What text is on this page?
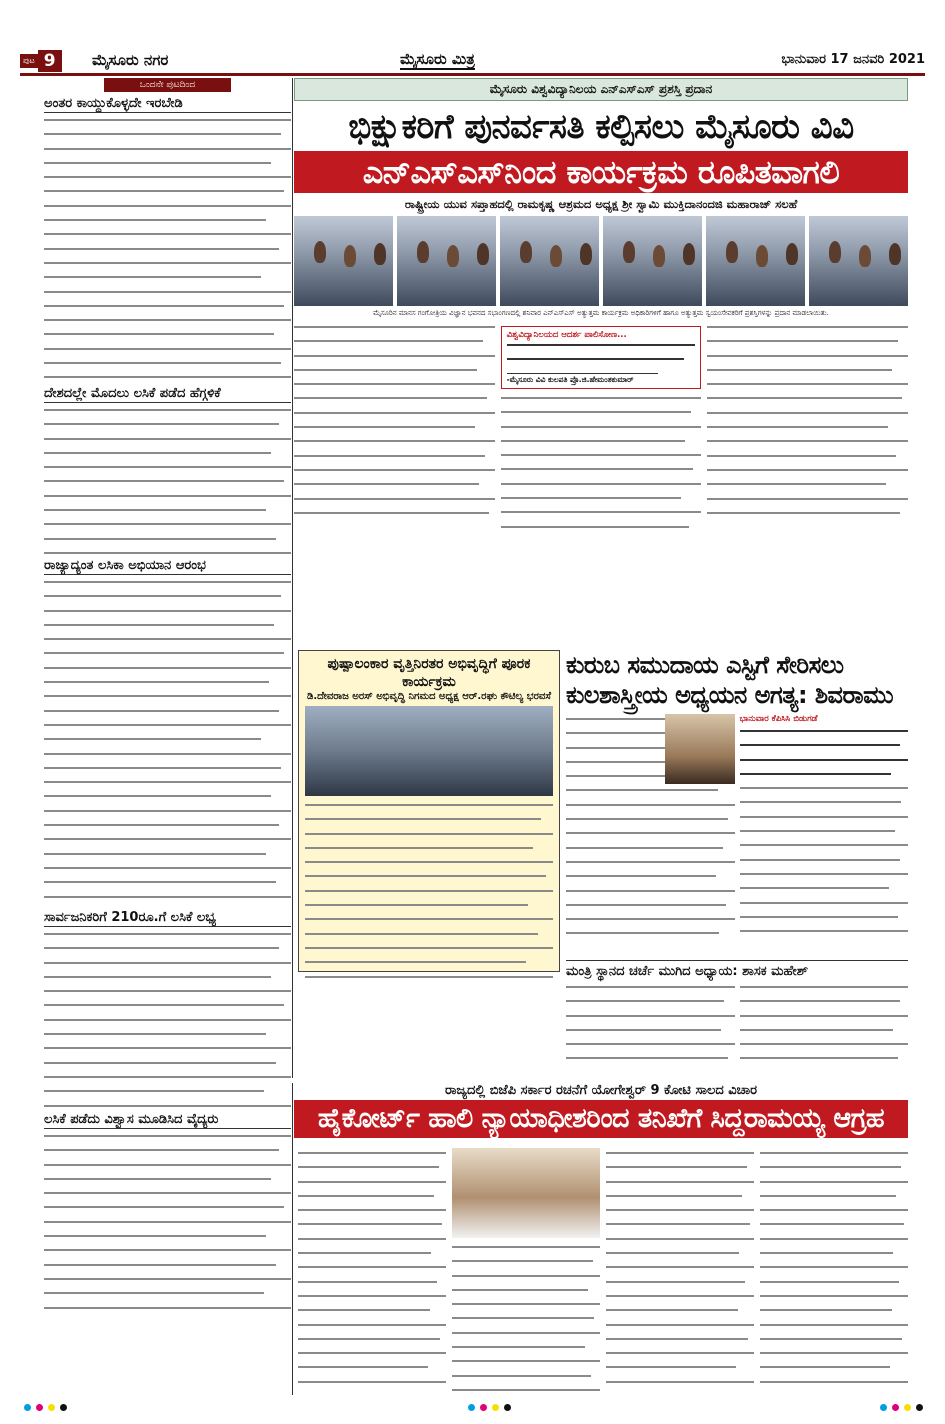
ಪುಟ 9	ಮೈಸೂರು ನಗರ	ಮೈಸೂರು ಮಿತ್ರ	ಭಾನುವಾರ 17 ಜನವರಿ 2021
ಒಂದನೇ ಪುಟದಿಂದ
ಅಂತರ ಕಾಯ್ದುಕೊಳ್ಳದೇ ಇರಬೇಡಿ
ದೇಶದಲ್ಲೇ ಮೊದಲು ಲಸಿಕೆ ಪಡೆದ ಹೆಗ್ಗಳಿಕೆ
ರಾಜ್ಯಾದ್ಯಂತ ಲಸಿಕಾ ಅಭಿಯಾನ ಆರಂಭ
ಸಾರ್ವಜನಿಕರಿಗೆ 210ರೂ.ಗೆ ಲಸಿಕೆ ಲಭ್ಯ
ಲಸಿಕೆ ಪಡೆದು ವಿಶ್ವಾಸ ಮೂಡಿಸಿದ ವೈದ್ಯರು
ಮೈಸೂರು ವಿಶ್ವವಿದ್ಯಾನಿಲಯ ಎನ್‌ಎಸ್‌ಎಸ್ ಪ್ರಶಸ್ತಿ ಪ್ರದಾನ
ಭಿಕ್ಷುಕರಿಗೆ ಪುನರ್ವಸತಿ ಕಲ್ಪಿಸಲು ಮೈಸೂರು ವಿವಿ
ಎನ್‌ಎಸ್‌ಎಸ್‌ನಿಂದ ಕಾರ್ಯಕ್ರಮ ರೂಪಿತವಾಗಲಿ
ರಾಷ್ಟ್ರೀಯ ಯುವ ಸಪ್ತಾಹದಲ್ಲಿ ರಾಮಕೃಷ್ಣ ಆಶ್ರಮದ ಅಧ್ಯಕ್ಷ ಶ್ರೀ ಸ್ವಾಮಿ ಮುಕ್ತಿದಾನಂದಜಿ ಮಹಾರಾಜ್ ಸಲಹೆ
ಮೈಸೂರಿನ ಮಾನಸ ಗಂಗೋತ್ರಿಯ ವಿಜ್ಞಾನ ಭವನದ ಸಭಾಂಗಣದಲ್ಲಿ ಶನಿವಾರ ಎನ್‌ಎಸ್‌ಎಸ್ ಅತ್ಯುತ್ತಮ ಕಾರ್ಯಕ್ರಮ ಅಧಿಕಾರಿಗಳಿಗೆ ಹಾಗೂ ಅತ್ಯುತ್ತಮ ಸ್ವಯಂಸೇವಕರಿಗೆ ಪ್ರಶಸ್ತಿಗಳನ್ನು ಪ್ರದಾನ ಮಾಡಲಾಯಿತು.
ವಿಶ್ವವಿದ್ಯಾನಿಲಯದ ಆದರ್ಶ ಪಾಲಿಸೋಣ...
-ಮೈಸೂರು ವಿವಿ ಕುಲಪತಿ ಪ್ರೊ.ಜಿ.ಹೇಮಂತಕುಮಾರ್
ಪುಷ್ಪಾಲಂಕಾರ ವೃತ್ತಿನಿರತರ ಅಭಿವೃದ್ಧಿಗೆ ಪೂರಕ ಕಾರ್ಯಕ್ರಮ
ಡಿ.ದೇವರಾಜ ಅರಸ್ ಅಭಿವೃದ್ಧಿ ನಿಗಮದ ಅಧ್ಯಕ್ಷ ಆರ್.ರಘು ಕೌಟಿಲ್ಯ ಭರವಸೆ
ಕುರುಬ ಸಮುದಾಯ ಎಸ್ಟಿಗೆ ಸೇರಿಸಲು
ಕುಲಶಾಸ್ತ್ರೀಯ ಅಧ್ಯಯನ ಅಗತ್ಯ: ಶಿವರಾಮು
ಭಾನುವಾರ ಕೆಪಿಸಿಸಿ ಬಿಡುಗಡೆ
ಮಂತ್ರಿ ಸ್ಥಾನದ ಚರ್ಚೆ ಮುಗಿದ ಅಧ್ಯಾಯ: ಶಾಸಕ ಮಹೇಶ್
ರಾಜ್ಯದಲ್ಲಿ ಬಿಜೆಪಿ ಸರ್ಕಾರ ರಚನೆಗೆ ಯೋಗೇಶ್ವರ್ 9 ಕೋಟಿ ಸಾಲದ ವಿಚಾರ
ಹೈಕೋರ್ಟ್ ಹಾಲಿ ನ್ಯಾಯಾಧೀಶರಿಂದ ತನಿಖೆಗೆ ಸಿದ್ದರಾಮಯ್ಯ ಆಗ್ರಹ
